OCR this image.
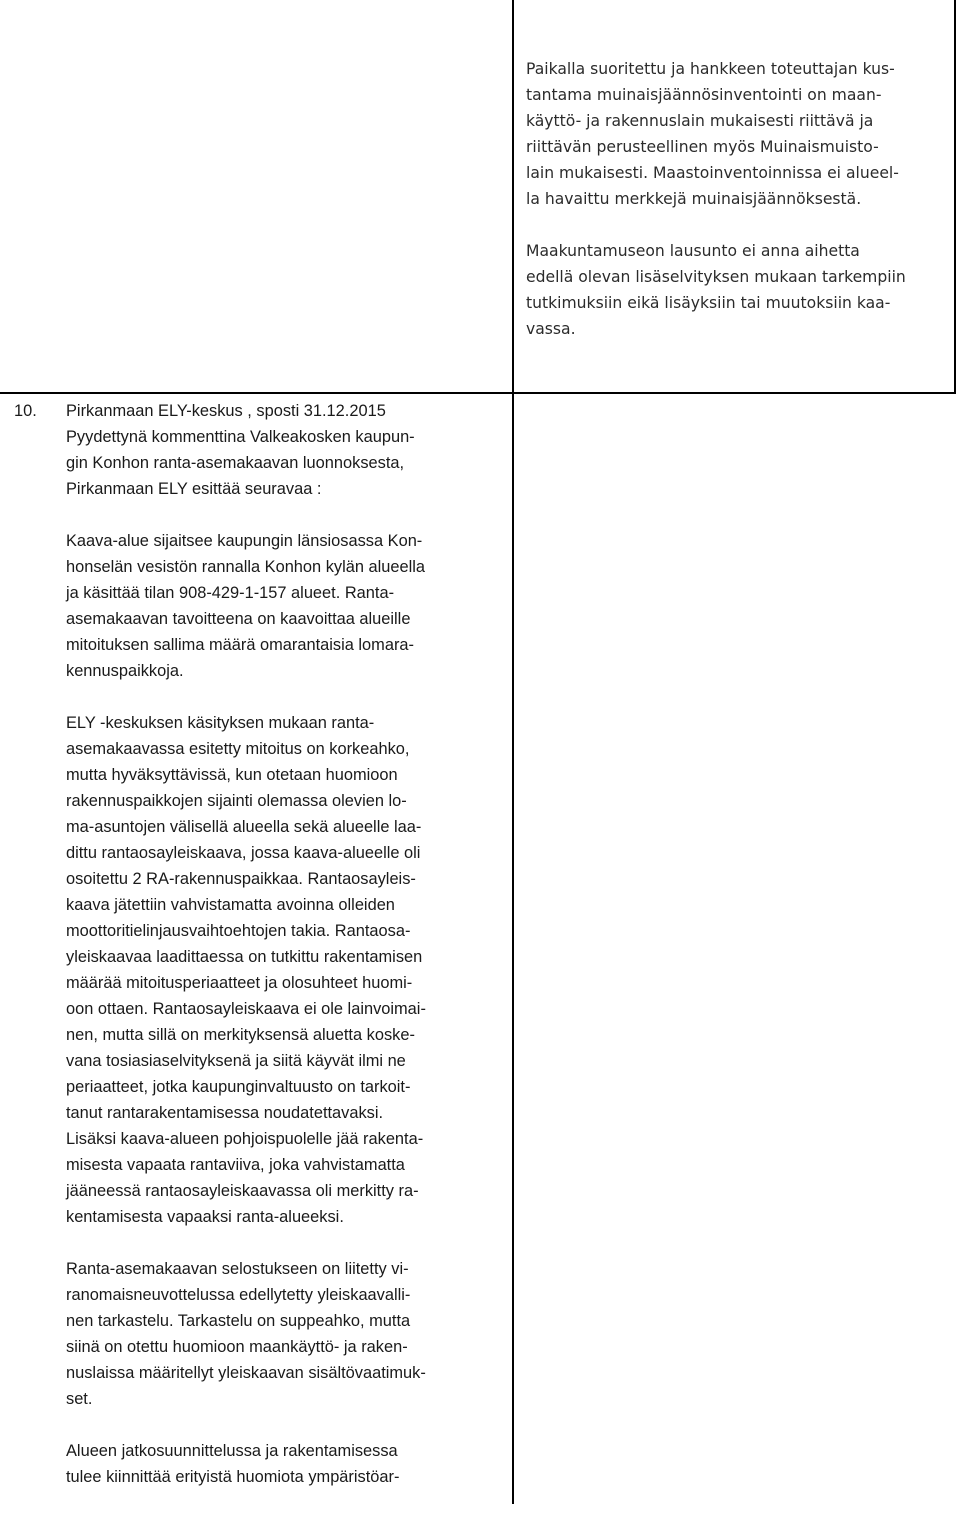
Paikalla suoritettu ja hankkeen toteuttajan kus-
tantama muinaisjäännösinventointi on maan-
käyttö- ja rakennuslain mukaisesti riittävä ja
riittävän perusteellinen myös Muinaismuisto-
lain mukaisesti. Maastoinventoinnissa ei alueel-
la havaittu merkkejä muinaisjäännöksestä.

Maakuntamuseon lausunto ei anna aihetta
edellä olevan lisäselvityksen mukaan tarkempiin
tutkimuksiin eikä lisäyksiin tai muutoksiin kaa-
vassa.

10. Pirkanmaan ELY-keskus , sposti 31.12.2015
Pyydettynä kommenttina Valkeakosken kaupun-
gin Konhon ranta-asemakaavan luonnoksesta,
Pirkanmaan ELY esittää seuravaa :

Kaava-alue sijaitsee kaupungin länsiosassa Kon-
honselän vesistön rannalla Konhon kylän alueella
ja käsittää tilan 908-429-1-157 alueet. Ranta-
asemakaavan tavoitteena on kaavoittaa alueille
mitoituksen sallima määrä omarantaisia lomara-
kennuspaikkoja.

ELY -keskuksen käsityksen mukaan ranta-
asemakaavassa esitetty mitoitus on korkeahko,
mutta hyväksyttävissä, kun otetaan huomioon
rakennuspaikkojen sijainti olemassa olevien lo-
ma-asuntojen välisellä alueella sekä alueelle laa-
dittu rantaosayleiskaava, jossa kaava-alueelle oli
osoitettu 2 RA-rakennuspaikkaa. Rantaosayleis-
kaava jätettiin vahvistamatta avoinna olleiden
moottoritielinjausvaihtoehtojen takia. Rantaosa-
yleiskaavaa laadittaessa on tutkittu rakentamisen
määrää mitoitusperiaatteet ja olosuhteet huomi-
oon ottaen. Rantaosayleiskaava ei ole lainvoimai-
nen, mutta sillä on merkityksensä aluetta koske-
vana tosiasiaselvityksenä ja siitä käyvät ilmi ne
periaatteet, jotka kaupunginvaltuusto on tarkoit-
tanut rantarakentamisessa noudatettavaksi.
Lisäksi kaava-alueen pohjoispuolelle jää rakenta-
misesta vapaata rantaviiva, joka vahvistamatta
jääneessä rantaosayleiskaavassa oli merkitty ra-
kentamisesta vapaaksi ranta-alueeksi.

Ranta-asemakaavan selostukseen on liitetty vi-
ranomaisneuvottelussa edellytetty yleiskaavalli-
nen tarkastelu. Tarkastelu on suppeahko, mutta
siinä on otettu huomioon maankäyttö- ja raken-
nuslaissa määritellyt yleiskaavan sisältövaatimuk-
set.

Alueen jatkosuunnittelussa ja rakentamisessa
tulee kiinnittää erityistä huomiota ympäristöar-
